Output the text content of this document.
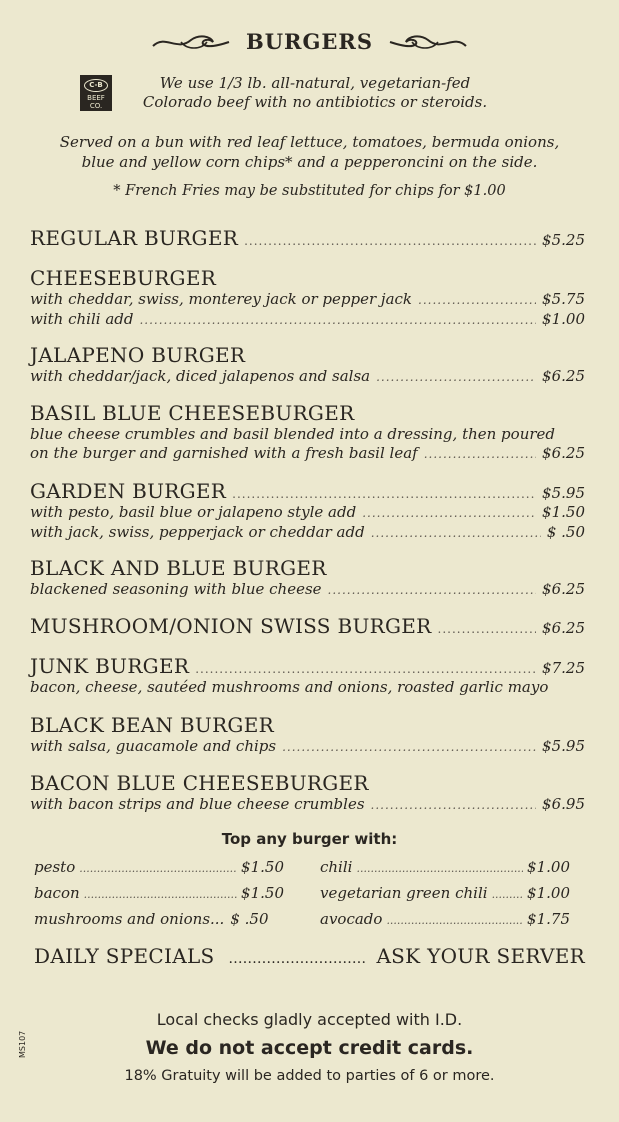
BURGERS
C-B
BEEF CO.
We use 1/3 lb. all-natural, vegetarian-fed
Colorado beef with no antibiotics or steroids.
Served on a bun with red leaf lettuce, tomatoes, bermuda onions,
blue and yellow corn chips* and a pepperoncini on the side.
* French Fries may be substituted for chips for $1.00
REGULAR BURGER .....	$5.25
CHEESEBURGER
with cheddar, swiss, monterey jack or pepper jack .....	$5.75
with chili add .....	$1.00
JALAPENO BURGER
with cheddar/jack, diced jalapenos and salsa .....	$6.25
BASIL BLUE CHEESEBURGER
blue cheese crumbles and basil blended into a dressing, then poured
on the burger and garnished with a fresh basil leaf .....	$6.25
GARDEN BURGER .....	$5.95
with pesto, basil blue or jalapeno style add .....	$1.50
with jack, swiss, pepperjack or cheddar add .....	$ .50
BLACK AND BLUE BURGER
blackened seasoning with blue cheese .....	$6.25
MUSHROOM/ONION SWISS BURGER .....	$6.25
JUNK BURGER .....	$7.25
bacon, cheese, sautéed mushrooms and onions, roasted garlic mayo
BLACK BEAN BURGER
with salsa, guacamole and chips .....	$5.95
BACON BLUE CHEESEBURGER
with bacon strips and blue cheese crumbles .....	$6.95
Top any burger with:
pesto .....	$1.50 chili .....	$1.00
bacon .....	$1.50 vegetarian green chili .....	$1.00
mushrooms and onions... $ .50	avocado .....	$1.75
DAILY SPECIALS .....	ASK YOUR SERVER
Local checks gladly accepted with I.D.
We do not accept credit cards.
18% Gratuity will be added to parties of 6 or more.
MS107
